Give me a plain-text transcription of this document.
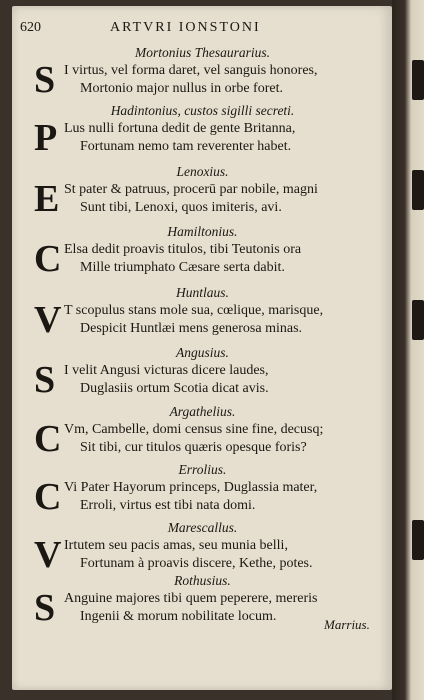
620	ARTVRI IONSTONI
Mortonius Thesaurarius.
S I virtus, vel forma daret, vel sanguis honores,
Mortonio major nullus in orbe foret.
Hadintonius, custos sigilli secreti.
P Lus nulli fortuna dedit de gente Britanna,
Fortunam nemo tam reverenter habet.
Lenoxius.
E St pater & patruus, procerū par nobile, magni
Sunt tibi, Lenoxi, quos imiteris, avi.
Hamiltonius.
C Elsa dedit proavis titulos, tibi Teutonis ora
Mille triumphato Cæsare serta dabit.
Huntlaus.
V T scopulus stans mole sua, cœlique, marisque,
Despicit Huntlæi mens generosa minas.
Angusius.
S I velit Angusi victuras dicere laudes,
Duglasiis ortum Scotia dicat avis.
Argathelius.
C Vm, Cambelle, domi census sine fine, decusq;
Sit tibi, cur titulos quæris opesque foris?
Errolius.
C Vi Pater Hayorum princeps, Duglassia mater,
Erroli, virtus est tibi nata domi.
Marescallus.
V Irtutem seu pacis amas, seu munia belli,
Fortunam à proavis discere, Kethe, potes.
Rothusius.
S Anguine majores tibi quem peperere, mereris
Ingenii & morum nobilitate locum.
Marrius.
